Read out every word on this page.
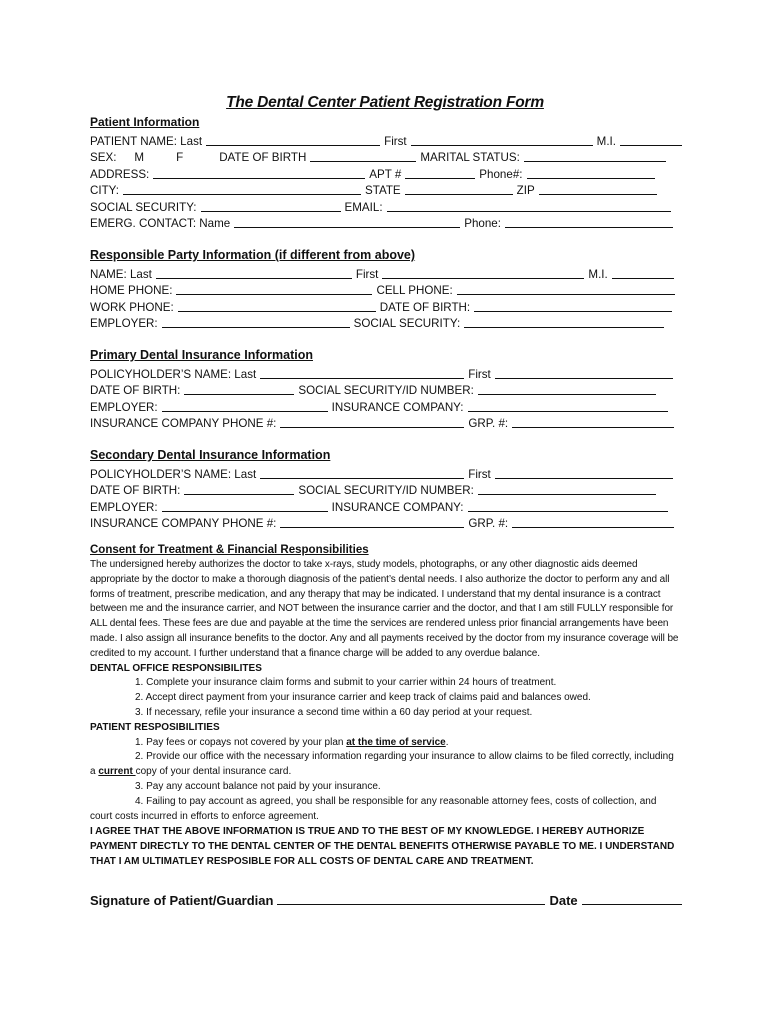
The Dental Center Patient Registration Form
Patient Information
PATIENT NAME: Last	First	M.I.
SEX: M	F	DATE OF BIRTH	MARITAL STATUS:
ADDRESS:	APT #	Phone#:
CITY:	STATE	ZIP
SOCIAL SECURITY:	EMAIL:
EMERG. CONTACT: Name	Phone:
Responsible Party Information (if different from above)
NAME: Last	First	M.I.
HOME PHONE:	CELL PHONE:
WORK PHONE:	DATE OF BIRTH:
EMPLOYER:	SOCIAL SECURITY:
Primary Dental Insurance Information
POLICYHOLDER’S NAME: Last	First
DATE OF BIRTH:	SOCIAL SECURITY/ID NUMBER:
EMPLOYER:	INSURANCE COMPANY:
INSURANCE COMPANY PHONE #:	GRP. #:
Secondary Dental Insurance Information
POLICYHOLDER’S NAME: Last	First
DATE OF BIRTH:	SOCIAL SECURITY/ID NUMBER:
EMPLOYER:	INSURANCE COMPANY:
INSURANCE COMPANY PHONE #:	GRP. #:
Consent for Treatment & Financial Responsibilities

The undersigned hereby authorizes the doctor to take x-rays, study models, photographs, or any other diagnostic aids deemed appropriate by the doctor to make a thorough diagnosis of the patient’s dental needs. I also authorize the doctor to perform any and all forms of treatment, prescribe medication, and any therapy that may be indicated. I understand that my dental insurance is a contract between me and the insurance carrier, and NOT between the insurance carrier and the doctor, and that I am still FULLY responsible for ALL dental fees. These fees are due and payable at the time the services are rendered unless prior financial arrangements have been made. I also assign all insurance benefits to the doctor. Any and all payments received by the doctor from my insurance coverage will be credited to my account. I further understand that a finance charge will be added to any overdue balance.

DENTAL OFFICE RESPONSIBILITES
1. Complete your insurance claim forms and submit to your carrier within 24 hours of treatment.
2. Accept direct payment from your insurance carrier and keep track of claims paid and balances owed.
3. If necessary, refile your insurance a second time within a 60 day period at your request.
PATIENT RESPOSIBILITIES
1. Pay fees or copays not covered by your plan at the time of service.
2. Provide our office with the necessary information regarding your insurance to allow claims to be filed correctly, including a current copy of your dental insurance card.
3. Pay any account balance not paid by your insurance.
4. Failing to pay account as agreed, you shall be responsible for any reasonable attorney fees, costs of collection, and court costs incurred in efforts to enforce agreement.
I AGREE THAT THE ABOVE INFORMATION IS TRUE AND TO THE BEST OF MY KNOWLEDGE. I HEREBY AUTHORIZE PAYMENT DIRECTLY TO THE DENTAL CENTER OF THE DENTAL BENEFITS OTHERWISE PAYABLE TO ME. I UNDERSTAND THAT I AM ULTIMATLEY RESPOSIBLE FOR ALL COSTS OF DENTAL CARE AND TREATMENT.
Signature of Patient/Guardian	Date
